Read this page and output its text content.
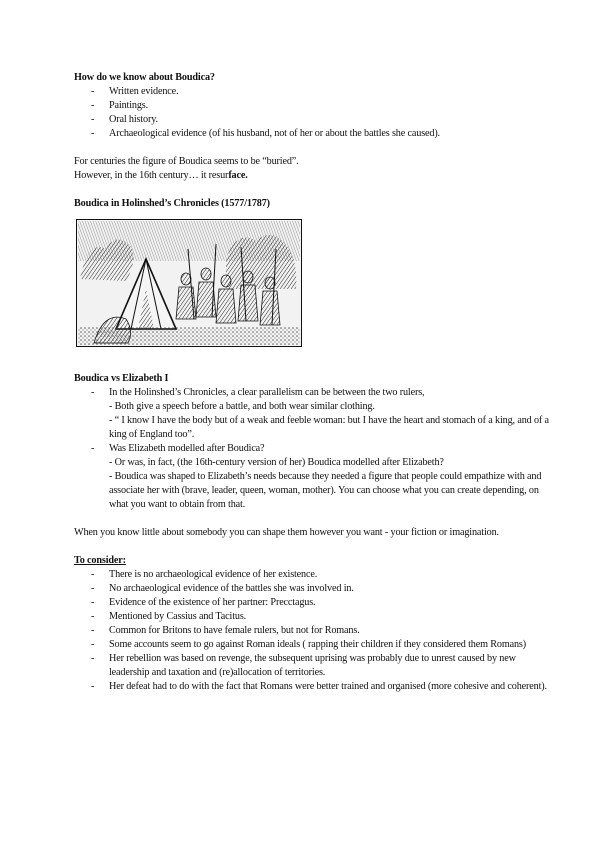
How do we know about Boudica?

- Written evidence.
- Paintings.
- Oral history.
- Archaeological evidence (of his husband, not of her or about the battles she caused).

For centuries the figure of Boudica seems to be “buried”.

However, in the 16th century… it resurface.

Boudica in Holinshed’s Chronicles (1577/1787)

Boudica vs Elizabeth I

- In the Holinshed’s Chronicles, a clear parallelism can be between the two rulers,
- Both give a speech before a battle, and both wear similar clothing.
- “ I know I have the body but of a weak and feeble woman: but I have the heart and stomach of a king, and of a king of England too”.
- Was Elizabeth modelled after Boudica?
- Or was, in fact, (the 16th-century version of her) Boudica modelled after Elizabeth?
- Boudica was shaped to Elizabeth’s needs because they needed a figure that people could empathize with and associate her with (brave, leader, queen, woman, mother). You can choose what you can create depending, on what you want to obtain from that.

When you know little about somebody you can shape them however you want - your fiction or imagination.

To consider:

- There is no archaeological evidence of her existence.
- No archaeological evidence of the battles she was involved in.
- Evidence of the existence of her partner: Precctagus.
- Mentioned by Cassius and Tacitus.
- Common for Britons to have female rulers, but not for Romans.
- Some accounts seem to go against Roman ideals ( rapping their children if they considered them Romans)
- Her rebellion was based on revenge, the subsequent uprising was probably due to unrest caused by new leadership and taxation and (re)allocation of territories.
- Her defeat had to do with the fact that Romans were better trained and organised (more cohesive and coherent).
